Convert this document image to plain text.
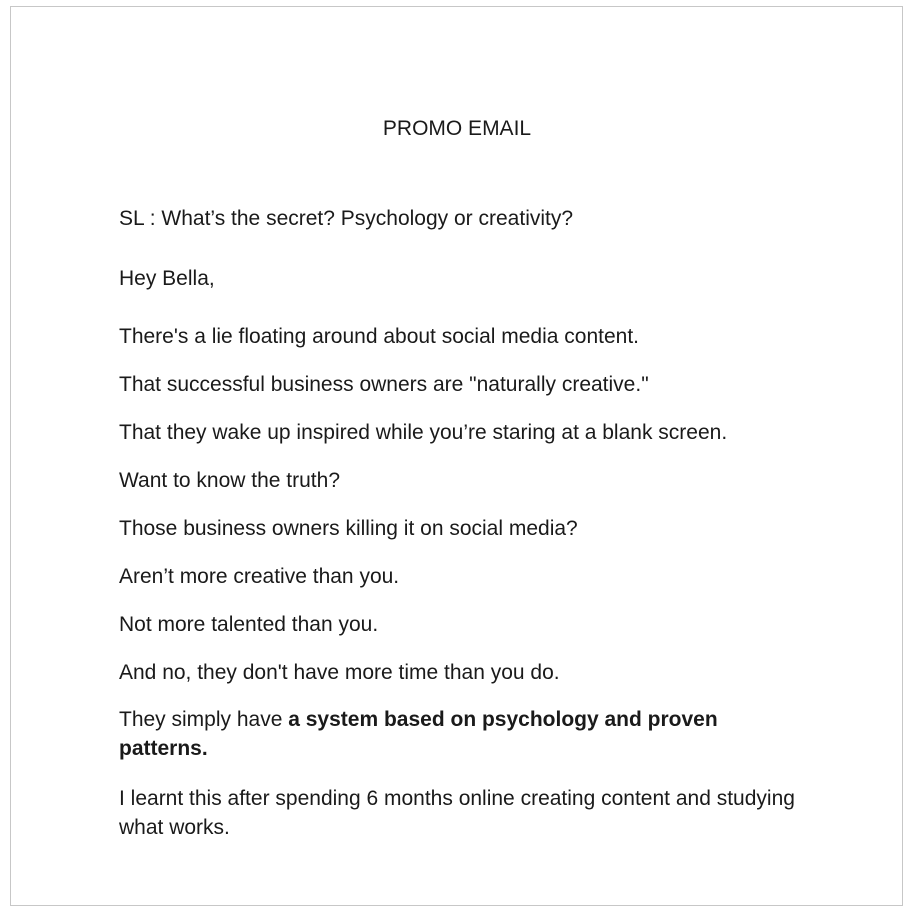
PROMO EMAIL

SL : What’s the secret? Psychology or creativity?

Hey Bella,

There's a lie floating around about social media content.

That successful business owners are "naturally creative."

That they wake up inspired while you’re staring at a blank screen.

Want to know the truth?

Those business owners killing it on social media?

Aren’t more creative than you.

Not more talented than you.

And no, they don't have more time than you do.

They simply have a system based on psychology and proven patterns.

I learnt this after spending 6 months online creating content and studying what works.
